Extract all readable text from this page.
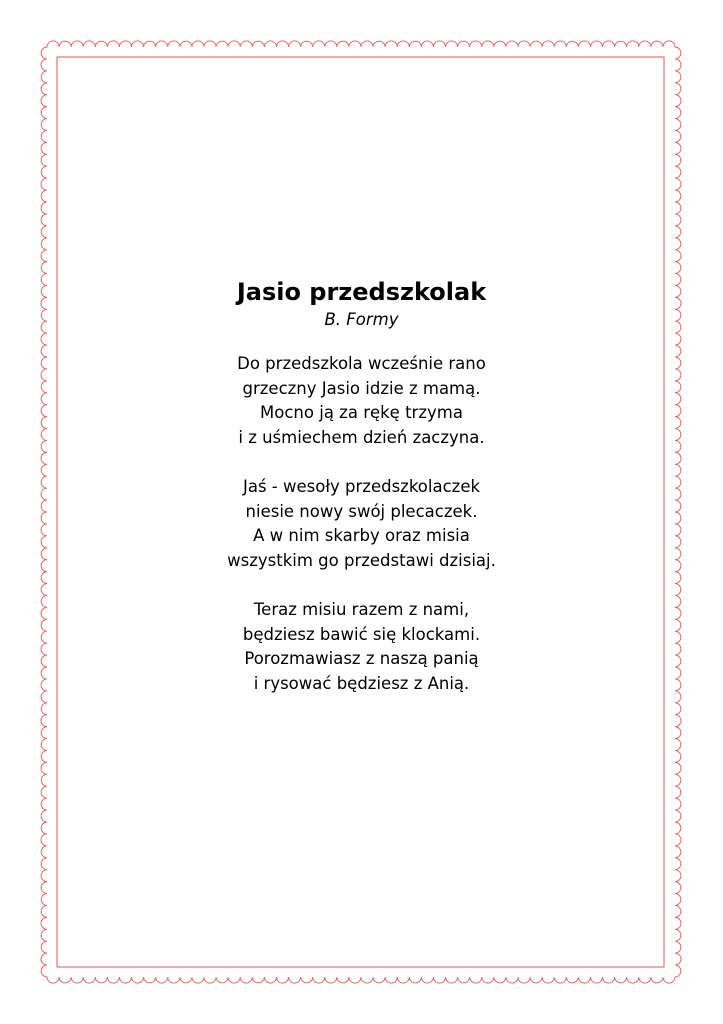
Jasio przedszkolak

B. Formy

Do przedszkola wcześnie rano
grzeczny Jasio idzie z mamą.
Mocno ją za rękę trzyma
i z uśmiechem dzień zaczyna.
Jaś - wesoły przedszkolaczek
niesie nowy swój plecaczek.
A w nim skarby oraz misia
wszystkim go przedstawi dzisiaj.
Teraz misiu razem z nami,
będziesz bawić się klockami.
Porozmawiasz z naszą panią
i rysować będziesz z Anią.
